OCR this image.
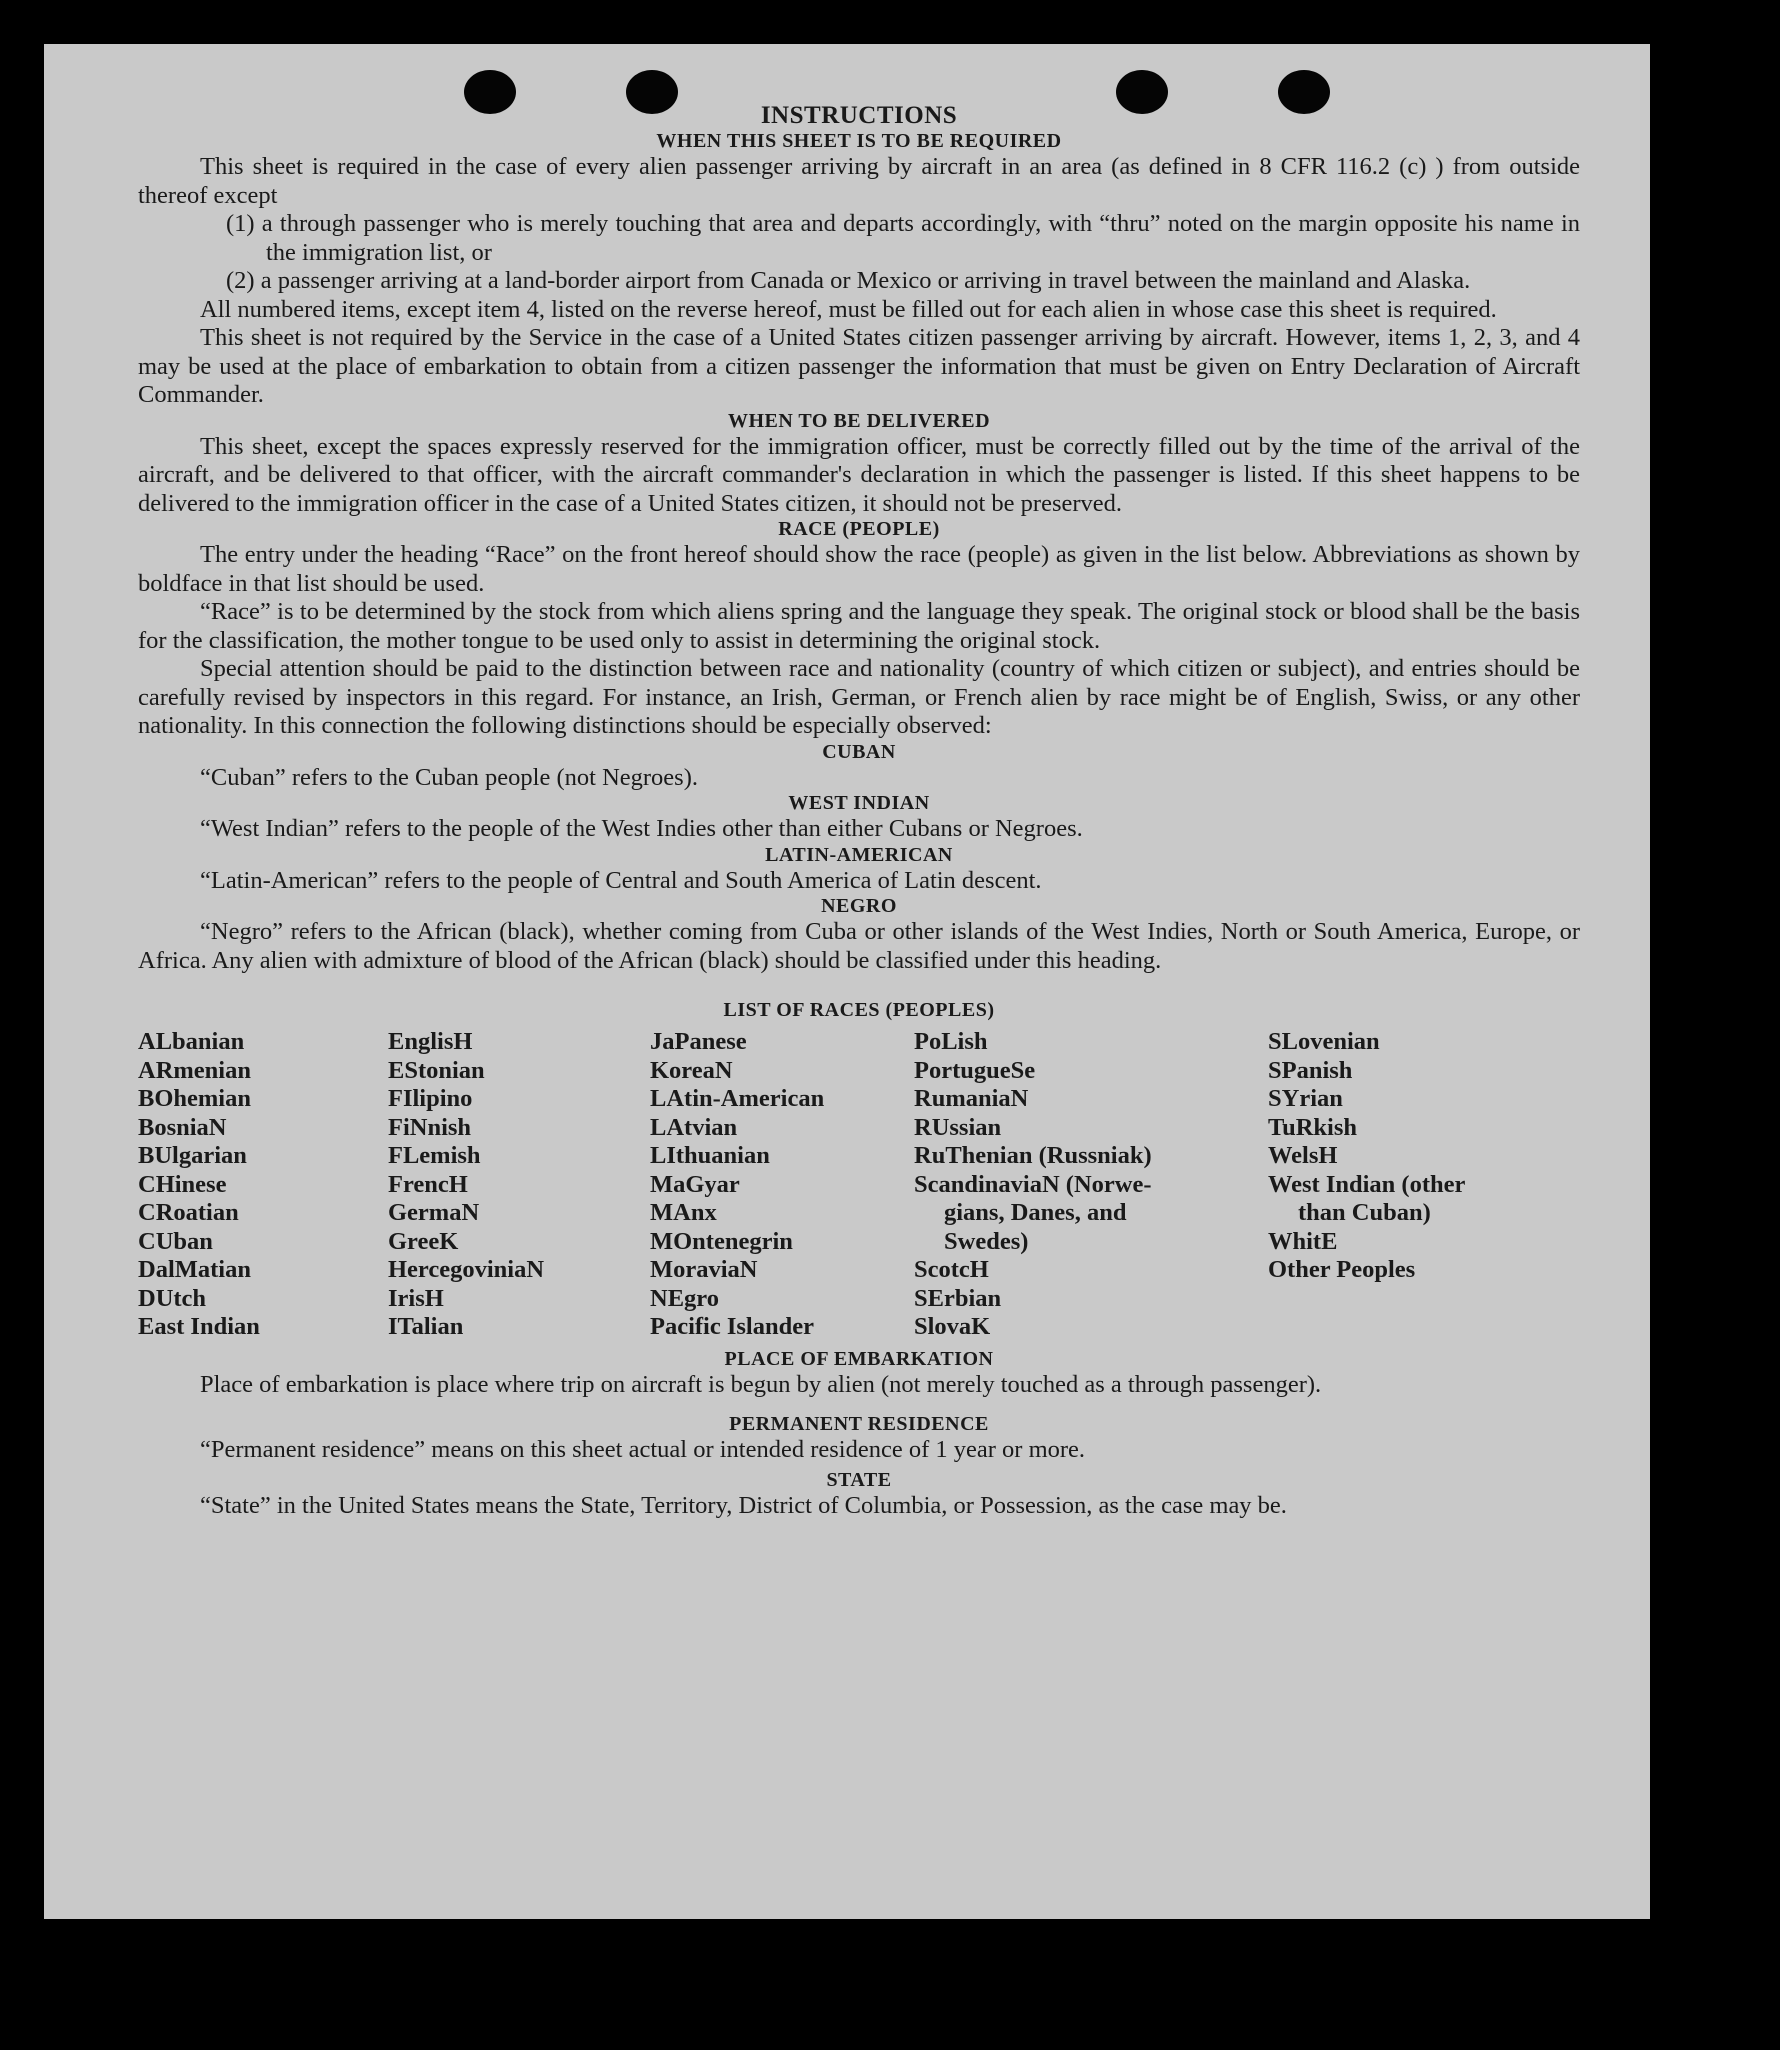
INSTRUCTIONS

WHEN THIS SHEET IS TO BE REQUIRED

This sheet is required in the case of every alien passenger arriving by aircraft in an area (as defined in 8 CFR 116.2 (c) ) from outside thereof except

(1) a through passenger who is merely touching that area and departs accordingly, with “thru” noted on the margin opposite his name in the immigration list, or

(2) a passenger arriving at a land-border airport from Canada or Mexico or arriving in travel between the mainland and Alaska.

All numbered items, except item 4, listed on the reverse hereof, must be filled out for each alien in whose case this sheet is required.

This sheet is not required by the Service in the case of a United States citizen passenger arriving by aircraft. However, items 1, 2, 3, and 4 may be used at the place of embarkation to obtain from a citizen passenger the information that must be given on Entry Declaration of Aircraft Commander.

WHEN TO BE DELIVERED

This sheet, except the spaces expressly reserved for the immigration officer, must be correctly filled out by the time of the arrival of the aircraft, and be delivered to that officer, with the aircraft commander's declaration in which the passenger is listed. If this sheet happens to be delivered to the immigration officer in the case of a United States citizen, it should not be preserved.

RACE (PEOPLE)

The entry under the heading “Race” on the front hereof should show the race (people) as given in the list below. Abbreviations as shown by boldface in that list should be used.

“Race” is to be determined by the stock from which aliens spring and the language they speak. The original stock or blood shall be the basis for the classification, the mother tongue to be used only to assist in determining the original stock.

Special attention should be paid to the distinction between race and nationality (country of which citizen or subject), and entries should be carefully revised by inspectors in this regard. For instance, an Irish, German, or French alien by race might be of English, Swiss, or any other nationality. In this connection the following distinctions should be especially observed:

CUBAN

“Cuban” refers to the Cuban people (not Negroes).

WEST INDIAN

“West Indian” refers to the people of the West Indies other than either Cubans or Negroes.

LATIN-AMERICAN

“Latin-American” refers to the people of Central and South America of Latin descent.

NEGRO

“Negro” refers to the African (black), whether coming from Cuba or other islands of the West Indies, North or South America, Europe, or Africa. Any alien with admixture of blood of the African (black) should be classified under this heading.

LIST OF RACES (PEOPLES)

ALbanian
ARmenian
BOhemian
BosniaN
BUlgarian
CHinese
CRoatian
CUban
DalMatian
DUtch
East Indian
EnglisH
EStonian
FIlipino
FiNnish
FLemish
FrencH
GermaN
GreeK
HercegovinіaN
IrisH
ITalian
JaPanese
KoreaN
LAtin-American
LAtvian
LIthuanian
MaGyar
MAnx
MOntenegrin
MoraviaN
NEgro
Pacific Islander
PoLish
PortugueSe
RumaniaN
RUssian
RuThenian (Russniak)
ScandinaviaN (Norwe-
gians, Danes, and
Swedes)
ScotcH
SErbian
SlovaK
SLovenian
SPanish
SYrian
TuRkish
WelsH
West Indian (other
than Cuban)
WhitE
Other Peoples

PLACE OF EMBARKATION

Place of embarkation is place where trip on aircraft is begun by alien (not merely touched as a through passenger).

PERMANENT RESIDENCE

“Permanent residence” means on this sheet actual or intended residence of 1 year or more.

STATE

“State” in the United States means the State, Territory, District of Columbia, or Possession, as the case may be.
